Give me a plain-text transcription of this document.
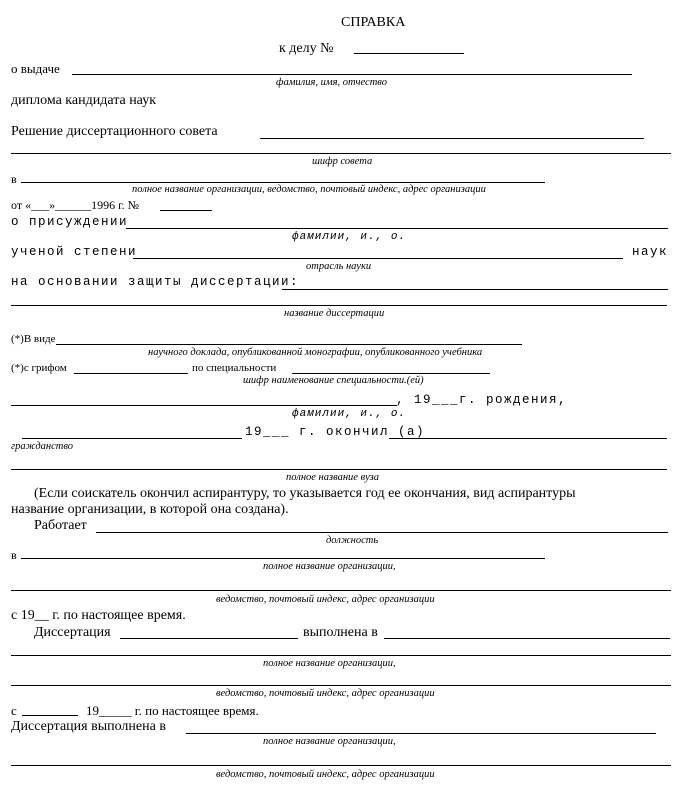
СПРАВКА
к делу №
о выдаче
фамилия, имя, отчество
диплома кандидата наук
Решение диссертационного совета
шифр совета
в
полное название организации, ведомство, почтовый индекс, адрес организации
от «___»______1996 г. №
о присуждении
фамилии, и., о.
ученой степени	наук
отрасль науки
на основании защиты диссертации:
название диссертации
(*)В виде
научного доклада, опубликованной монографии, опубликованного учебника
(*)с грифом	по специальности
шифр наименование специальности.(ей)
, 19___г. рождения,
фамилии, и., о.
19___ г. окончил (а)
гражданство
полное название вуза
(Если соискатель окончил аспирантуру, то указывается год ее окончания, вид аспирантуры
название организации, в которой она создана).
Работает
должность
в
полное название организации,
ведомство, почтовый индекс, адрес организации
с 19__ г. по настоящее время.
Диссертация	выполнена в
полное название организации,
ведомство, почтовый индекс, адрес организации
с	19_____ г. по настоящее время.
Диссертация выполнена в
полное название организации,
ведомство, почтовый индекс, адрес организации
